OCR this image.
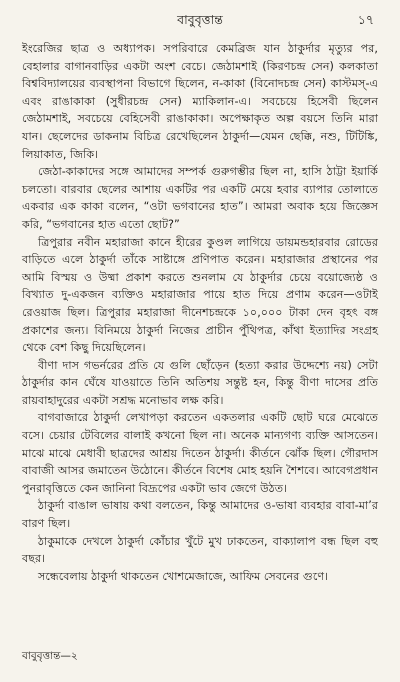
বাবুবৃত্তান্ত	১৭

ইংরেজির ছাত্র ও অধ্যাপক। সপরিবারে কেমব্রিজ যান ঠাকুর্দার মৃত্যুর পর, বেহালার বাগানবাড়ির একটা অংশ বেচে। জেঠামশাই (কিরণচন্দ্র সেন) কলকাতা বিশ্ববিদ্যালয়ের ব্যবস্থাপনা বিভাগে ছিলেন, ন-কাকা (বিনোদচন্দ্র সেন) কাস্টমস্-এ এবং রাঙাকাকা (সুধীরচন্দ্র সেন) ম্যাকিলান-এ। সবচেয়ে হিসেবী ছিলেন জেঠামশাই, সবচেয়ে বেহিসেবী রাঙাকাকা। অপেক্ষাকৃত অল্প বয়সে তিনি মারা যান। ছেলেদের ডাকনাম বিচিত্র রেখেছিলেন ঠাকুর্দা—যেমন ছেক্কি, নশু, টিটিঙ্কি, লিয়াকাত, জিকি।

জেঠা-কাকাদের সঙ্গে আমাদের সম্পর্ক গুরুগম্ভীর ছিল না, হাসি ঠাট্টা ইয়ার্কি চলতো। বারবার ছেলের আশায় একটির পর একটি মেয়ে হবার ব্যাপার তোলাতে একবার এক কাকা বলেন, “ওটা ভগবানের হাত”। আমরা অবাক হয়ে জিজ্ঞেস করি, “ভগবানের হাত এতো ছোট?”

ত্রিপুরার নবীন মহারাজা কানে হীরের কুণ্ডল লাগিয়ে ডায়মন্ডহারবার রোডের বাড়িতে এলে ঠাকুর্দা তাঁকে সাষ্টাঙ্গে প্রণিপাত করেন। মহারাজার প্রস্থানের পর আমি বিস্ময় ও উষ্মা প্রকাশ করতে শুনলাম যে ঠাকুর্দার চেয়ে বয়োজ্যেষ্ঠ ও বিখ্যাত দু-একজন ব্যক্তিও মহারাজার পায়ে হাত দিয়ে প্রণাম করেন—ওটাই রেওয়াজ ছিল। ত্রিপুরার মহারাজা দীনেশচন্দ্রকে ১০,০০০ টাকা দেন বৃহৎ বঙ্গ প্রকাশের জন্য। বিনিময়ে ঠাকুর্দা নিজের প্রাচীন পুঁথিপত্র, কাঁথা ইত্যাদির সংগ্রহ থেকে বেশ কিছু দিয়েছিলেন।

বীণা দাস গভর্নরের প্রতি যে গুলি ছোঁড়েন (হত্যা করার উদ্দেশ্যে নয়) সেটা ঠাকুর্দার কান ঘেঁষে যাওয়াতে তিনি অতিশয় সন্তুষ্ট হন, কিন্তু বীণা দাসের প্রতি রায়বাহাদুরের একটা সশ্রদ্ধ মনোভাব লক্ষ করি।

বাগবাজারে ঠাকুর্দা লেখাপড়া করতেন একতলার একটি ছোট ঘরে মেঝেতে বসে। চেয়ার টেবিলের বালাই কখনো ছিল না। অনেক মান্যগণ্য ব্যক্তি আসতেন। মাঝে মাঝে মেধাবী ছাত্রদের আশ্রয় দিতেন ঠাকুর্দা। কীর্তনে ঝোঁক ছিল। গৌরদাস বাবাজী আসর জমাতেন উঠোনে। কীর্তনে বিশেষ মোহ হয়নি শৈশবে। আবেগপ্রধান পুনরাবৃত্তিতে কেন জানিনা বিদ্রূপের একটা ভাব জেগে উঠত।

ঠাকুর্দা বাঙাল ভাষায় কথা বলতেন, কিন্তু আমাদের ও-ভাষা ব্যবহার বাবা-মা’র বারণ ছিল।

ঠাকুমাকে দেখলে ঠাকুর্দা কোঁচার খুঁটে মুখ ঢাকতেন, বাক্যালাপ বন্ধ ছিল বহু বছর।

সন্ধেবেলায় ঠাকুর্দা থাকতেন খোশমেজাজে, আফিম সেবনের গুণে।

বাবুবৃত্তান্ত—২
